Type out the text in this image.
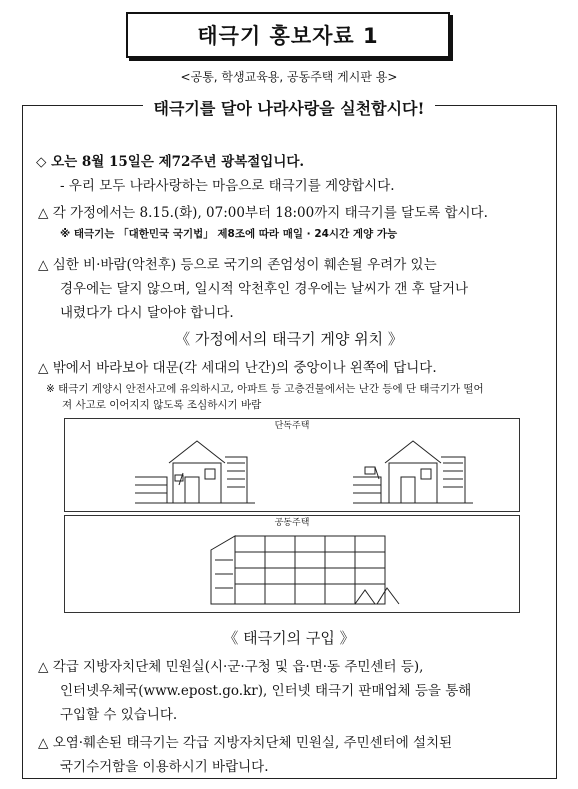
태극기 홍보자료 1
<공통, 학생교육용, 공동주택 게시판 용>
태극기를 달아 나라사랑을 실천합시다!
◇ 오는 8월 15일은 제72주년 광복절입니다.
- 우리 모두 나라사랑하는 마음으로 태극기를 게양합시다.
△ 각 가정에서는 8.15.(화), 07:00부터 18:00까지 태극기를 달도록 합시다.
※ 태극기는 「대한민국 국기법」 제8조에 따라 매일 · 24시간 게양 가능
△ 심한 비·바람(악천후) 등으로 국기의 존엄성이 훼손될 우려가 있는
경우에는 달지 않으며, 일시적 악천후인 경우에는 날씨가 갠 후 달거나
내렸다가 다시 달아야 합니다.
《 가정에서의 태극기 게양 위치 》
△ 밖에서 바라보아 대문(각 세대의 난간)의 중앙이나 왼쪽에 답니다.
※ 태극기 게양시 안전사고에 유의하시고, 아파트 등 고층건물에서는 난간 등에 단 태극기가 떨어
져 사고로 이어지지 않도록 조심하시기 바람
단독주택
공동주택
《 태극기의 구입 》
△ 각급 지방자치단체 민원실(시·군·구청 및 읍·면·동 주민센터 등),
인터넷우체국(www.epost.go.kr), 인터넷 태극기 판매업체 등을 통해
구입할 수 있습니다.
△ 오염·훼손된 태극기는 각급 지방자치단체 민원실, 주민센터에 설치된
국기수거함을 이용하시기 바랍니다.
